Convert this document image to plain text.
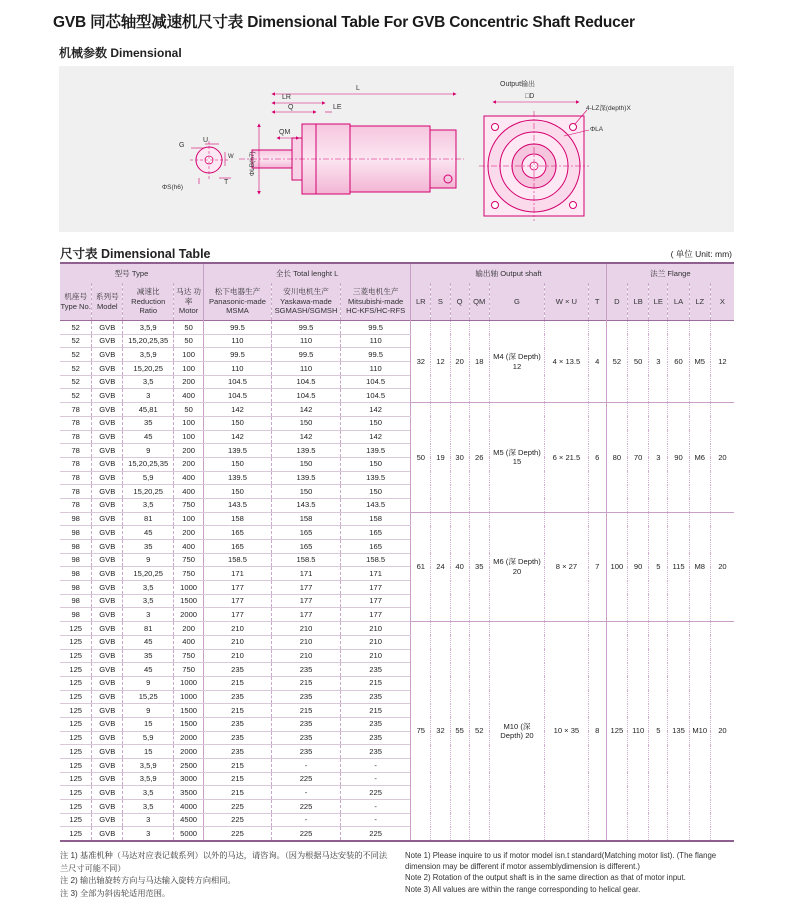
GVB 同芯轴型减速机尺寸表 Dimensional Table For GVB Concentric Shaft Reducer
机械参数 Dimensional
G
U
W
T
ΦS(h6)
L
LR
Q	LE
QM
ΦLB(h7)
Output输出
□D
4-LZ深(depth)X
ΦLA
尺寸表 Dimensional Table	( 单位 Unit: mm)
型号 Type				全长 Total lenght L			输出轴 Output shaft							法兰 Flange					
机座号 Type No.	系列号 Model	减速比 Reduction Ratio	马达 功率 Motor	松下电器生产 Panasonic-made MSMA	安川电机生产 Yaskawa-made SGMASH/SGMSH	三菱电机生产 Mitsubishi-made HC-KFS/HC-RFS	LR	S	Q	QM	G	W × U	T	D	LB	LE	LA	LZ	X
52	GVB	3,5,9	50	99.5	99.5	99.5	32	12	20	18	M4 (深 Depth) 12	4 × 13.5	4	52	50	3	60	M5	12
52	GVB	15,20,25,35	50	110	110	110													
52	GVB	3,5,9	100	99.5	99.5	99.5													
52	GVB	15,20,25	100	110	110	110													
52	GVB	3,5	200	104.5	104.5	104.5													
52	GVB	3	400	104.5	104.5	104.5													
78	GVB	45,81	50	142	142	142	50	19	30	26	M5 (深 Depth) 15	6 × 21.5	6	80	70	3	90	M6	20
78	GVB	35	100	150	150	150													
78	GVB	45	100	142	142	142													
78	GVB	9	200	139.5	139.5	139.5													
78	GVB	15,20,25,35	200	150	150	150													
78	GVB	5,9	400	139.5	139.5	139.5													
78	GVB	15,20,25	400	150	150	150													
78	GVB	3,5	750	143.5	143.5	143.5													
98	GVB	81	100	158	158	158	61	24	40	35	M6 (深 Depth) 20	8 × 27	7	100	90	5	115	M8	20
98	GVB	45	200	165	165	165													
98	GVB	35	400	165	165	165													
98	GVB	9	750	158.5	158.5	158.5													
98	GVB	15,20,25	750	171	171	171													
98	GVB	3,5	1000	177	177	177													
98	GVB	3,5	1500	177	177	177													
98	GVB	3	2000	177	177	177													
125	GVB	81	200	210	210	210	75	32	55	52	M10 (深 Depth) 20	10 × 35	8	125	110	5	135	M10	20
125	GVB	45	400	210	210	210													
125	GVB	35	750	210	210	210													
125	GVB	45	750	235	235	235													
125	GVB	9	1000	215	215	215													
125	GVB	15,25	1000	235	235	235													
125	GVB	9	1500	215	215	215													
125	GVB	15	1500	235	235	235													
125	GVB	5,9	2000	235	235	235													
125	GVB	15	2000	235	235	235													
125	GVB	3,5,9	2500	215	-	-													
125	GVB	3,5,9	3000	215	225	-													
125	GVB	3,5	3500	215	-	225													
125	GVB	3,5	4000	225	225	-													
125	GVB	3	4500	225	-	-													
125	GVB	3	5000	225	225	225													
注 1) 基准机种（马达对应表记载系列）以外的马达，请咨询。（因为根据马达安装的不同法兰尺寸可能不同）
注 2) 输出轴旋转方向与马达输入旋转方向相同。
注 3) 全部为斜齿轮适用范围。
Note 1) Please inquire to us if motor model isn.t standard(Matching motor list). (The flange dimension may be different if motor assemblydimension is different.)
Note 2) Rotation of the output shaft is in the same direction as that of motor input.
Note 3) All values are within the range corresponding to helical gear.
